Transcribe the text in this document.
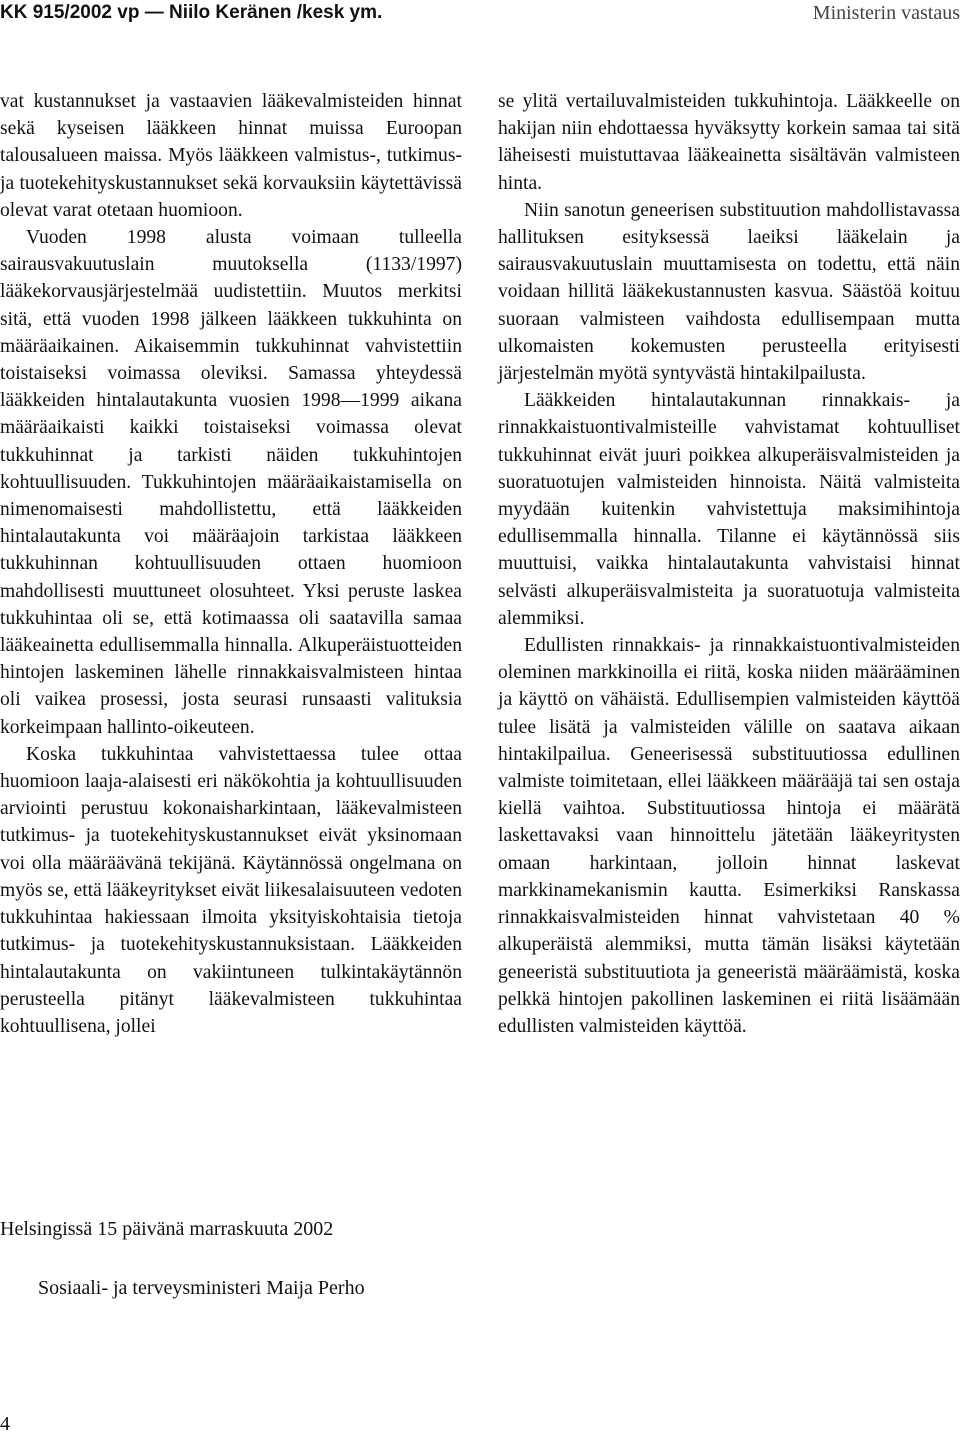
KK 915/2002 vp — Niilo Keränen /kesk ym.	Ministerin vastaus

vat kustannukset ja vastaavien lääkevalmisteiden hinnat sekä kyseisen lääkkeen hinnat muissa Euroopan talousalueen maissa. Myös lääkkeen valmistus-, tutkimus- ja tuotekehityskustannukset sekä korvauksiin käytettävissä olevat varat otetaan huomioon.

Vuoden 1998 alusta voimaan tulleella sairausvakuutuslain muutoksella (1133/1997) lääkekorvausjärjestelmää uudistettiin. Muutos merkitsi sitä, että vuoden 1998 jälkeen lääkkeen tukkuhinta on määräaikainen. Aikaisemmin tukkuhinnat vahvistettiin toistaiseksi voimassa oleviksi. Samassa yhteydessä lääkkeiden hintalautakunta vuosien 1998—1999 aikana määräaikaisti kaikki toistaiseksi voimassa olevat tukkuhinnat ja tarkisti näiden tukkuhintojen kohtuullisuuden. Tukkuhintojen määräaikaistamisella on nimenomaisesti mahdollistettu, että lääkkeiden hintalautakunta voi määräajoin tarkistaa lääkkeen tukkuhinnan kohtuullisuuden ottaen huomioon mahdollisesti muuttuneet olosuhteet. Yksi peruste laskea tukkuhintaa oli se, että kotimaassa oli saatavilla samaa lääkeainetta edullisemmalla hinnalla. Alkuperäistuotteiden hintojen laskeminen lähelle rinnakkaisvalmisteen hintaa oli vaikea prosessi, josta seurasi runsaasti valituksia korkeimpaan hallinto-oikeuteen.

Koska tukkuhintaa vahvistettaessa tulee ottaa huomioon laaja-alaisesti eri näkökohtia ja kohtuullisuuden arviointi perustuu kokonaisharkintaan, lääkevalmisteen tutkimus- ja tuotekehityskustannukset eivät yksinomaan voi olla määräävänä tekijänä. Käytännössä ongelmana on myös se, että lääkeyritykset eivät liikesalaisuuteen vedoten tukkuhintaa hakiessaan ilmoita yksityiskohtaisia tietoja tutkimus- ja tuotekehityskustannuksistaan. Lääkkeiden hintalautakunta on vakiintuneen tulkintakäytännön perusteella pitänyt lääkevalmisteen tukkuhintaa kohtuullisena, jollei

se ylitä vertailuvalmisteiden tukkuhintoja. Lääkkeelle on hakijan niin ehdottaessa hyväksytty korkein samaa tai sitä läheisesti muistuttavaa lääkeainetta sisältävän valmisteen hinta.

Niin sanotun geneerisen substituution mahdollistavassa hallituksen esityksessä laeiksi lääkelain ja sairausvakuutuslain muuttamisesta on todettu, että näin voidaan hillitä lääkekustannusten kasvua. Säästöä koituu suoraan valmisteen vaihdosta edullisempaan mutta ulkomaisten kokemusten perusteella erityisesti järjestelmän myötä syntyvästä hintakilpailusta.

Lääkkeiden hintalautakunnan rinnakkais- ja rinnakkaistuontivalmisteille vahvistamat kohtuulliset tukkuhinnat eivät juuri poikkea alkuperäisvalmisteiden ja suoratuotujen valmisteiden hinnoista. Näitä valmisteita myydään kuitenkin vahvistettuja maksimihintoja edullisemmalla hinnalla. Tilanne ei käytännössä siis muuttuisi, vaikka hintalautakunta vahvistaisi hinnat selvästi alkuperäisvalmisteita ja suoratuotuja valmisteita alemmiksi.

Edullisten rinnakkais- ja rinnakkaistuontivalmisteiden oleminen markkinoilla ei riitä, koska niiden määrääminen ja käyttö on vähäistä. Edullisempien valmisteiden käyttöä tulee lisätä ja valmisteiden välille on saatava aikaan hintakilpailua. Geneerisessä substituutiossa edullinen valmiste toimitetaan, ellei lääkkeen määrääjä tai sen ostaja kiellä vaihtoa. Substituutiossa hintoja ei määrätä laskettavaksi vaan hinnoittelu jätetään lääkeyritysten omaan harkintaan, jolloin hinnat laskevat markkinamekanismin kautta. Esimerkiksi Ranskassa rinnakkaisvalmisteiden hinnat vahvistetaan 40 % alkuperäistä alemmiksi, mutta tämän lisäksi käytetään geneeristä substituutiota ja geneeristä määräämistä, koska pelkkä hintojen pakollinen laskeminen ei riitä lisäämään edullisten valmisteiden käyttöä.

Helsingissä 15 päivänä marraskuuta 2002
Sosiaali- ja terveysministeri Maija Perho
4
